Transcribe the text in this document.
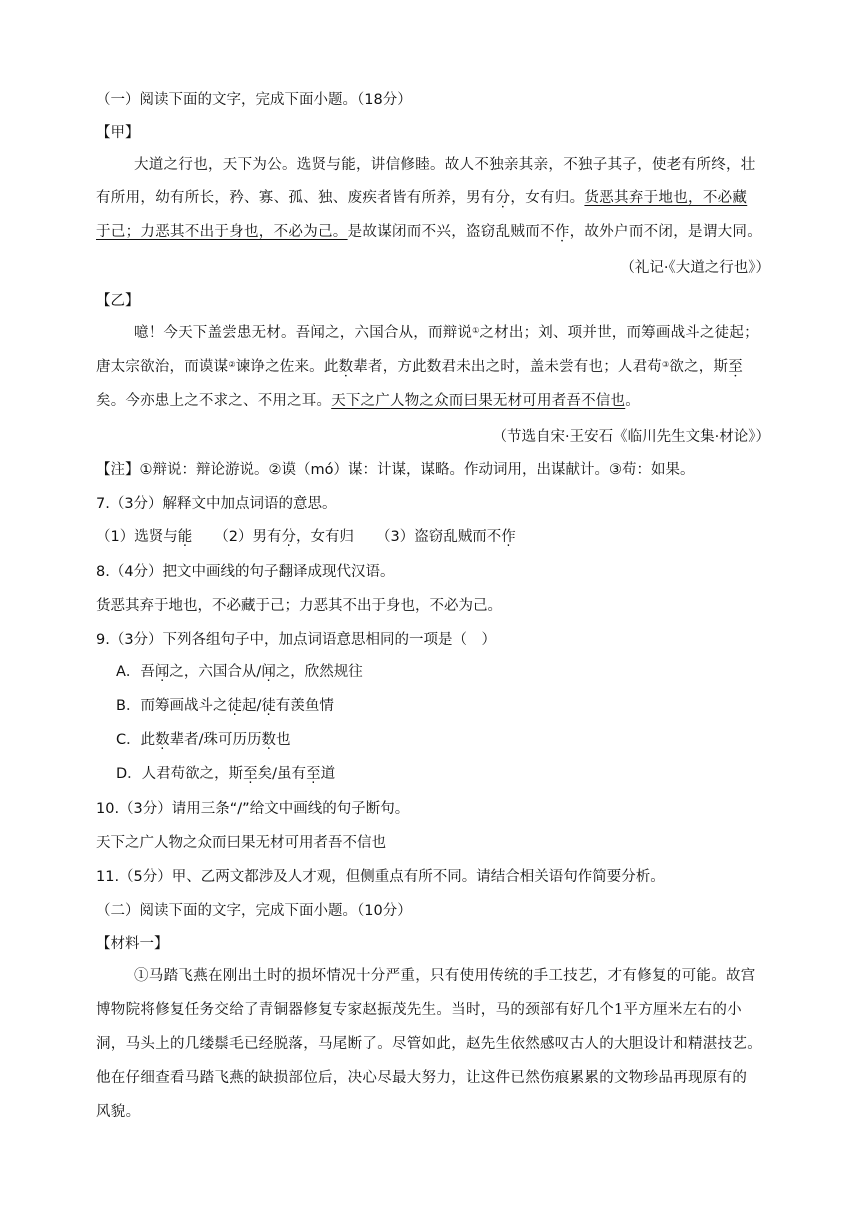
（一）阅读下面的文字，完成下面小题。（18分）
【甲】
大道之行也，天下为公。选贤与能，讲信修睦。故人不独亲其亲，不独子其子，使老有所终，壮
有所用，幼有所长，矜、寡、孤、独、废疾者皆有所养，男有分，女有归。货恶其弃于地也，不必藏
于己；力恶其不出于身也，不必为己。是故谋闭而不兴，盗窃乱贼而不作，故外户而不闭，是谓大同。
（礼记·《大道之行也》）
【乙】
噫！今天下盖尝患无材。吾闻之，六国合从，而辩说①之材出；刘、项并世，而筹画战斗之徒起；
唐太宗欲治，而谟谋②谏诤之佐来。此数辈者，方此数君未出之时，盖未尝有也；人君苟③欲之，斯至
矣。今亦患上之不求之、不用之耳。天下之广人物之众而曰果无材可用者吾不信也。
（节选自宋·王安石《临川先生文集·材论》）
【注】①辩说：辩论游说。②谟（mó）谋：计谋，谋略。作动词用，出谋献计。③苟：如果。
7.（3分）解释文中加点词语的意思。
（1）选贤与能 （2）男有分，女有归 （3）盗窃乱贼而不作
8.（4分）把文中画线的句子翻译成现代汉语。
货恶其弃于地也，不必藏于己；力恶其不出于身也，不必为己。
9.（3分）下列各组句子中，加点词语意思相同的一项是（　）
A．吾闻之，六国合从/闻之，欣然规往
B．而筹画战斗之徒起/徒有羡鱼情
C．此数辈者/珠可历历数也
D．人君苟欲之，斯至矣/虽有至道
10.（3分）请用三条“/”给文中画线的句子断句。
天下之广人物之众而曰果无材可用者吾不信也
11.（5分）甲、乙两文都涉及人才观，但侧重点有所不同。请结合相关语句作简要分析。
（二）阅读下面的文字，完成下面小题。（10分）
【材料一】
①马踏飞燕在刚出土时的损坏情况十分严重，只有使用传统的手工技艺，才有修复的可能。故宫
博物院将修复任务交给了青铜器修复专家赵振茂先生。当时，马的颈部有好几个1平方厘米左右的小
洞，马头上的几缕鬃毛已经脱落，马尾断了。尽管如此，赵先生依然感叹古人的大胆设计和精湛技艺。
他在仔细查看马踏飞燕的缺损部位后，决心尽最大努力，让这件已然伤痕累累的文物珍品再现原有的
风貌。
